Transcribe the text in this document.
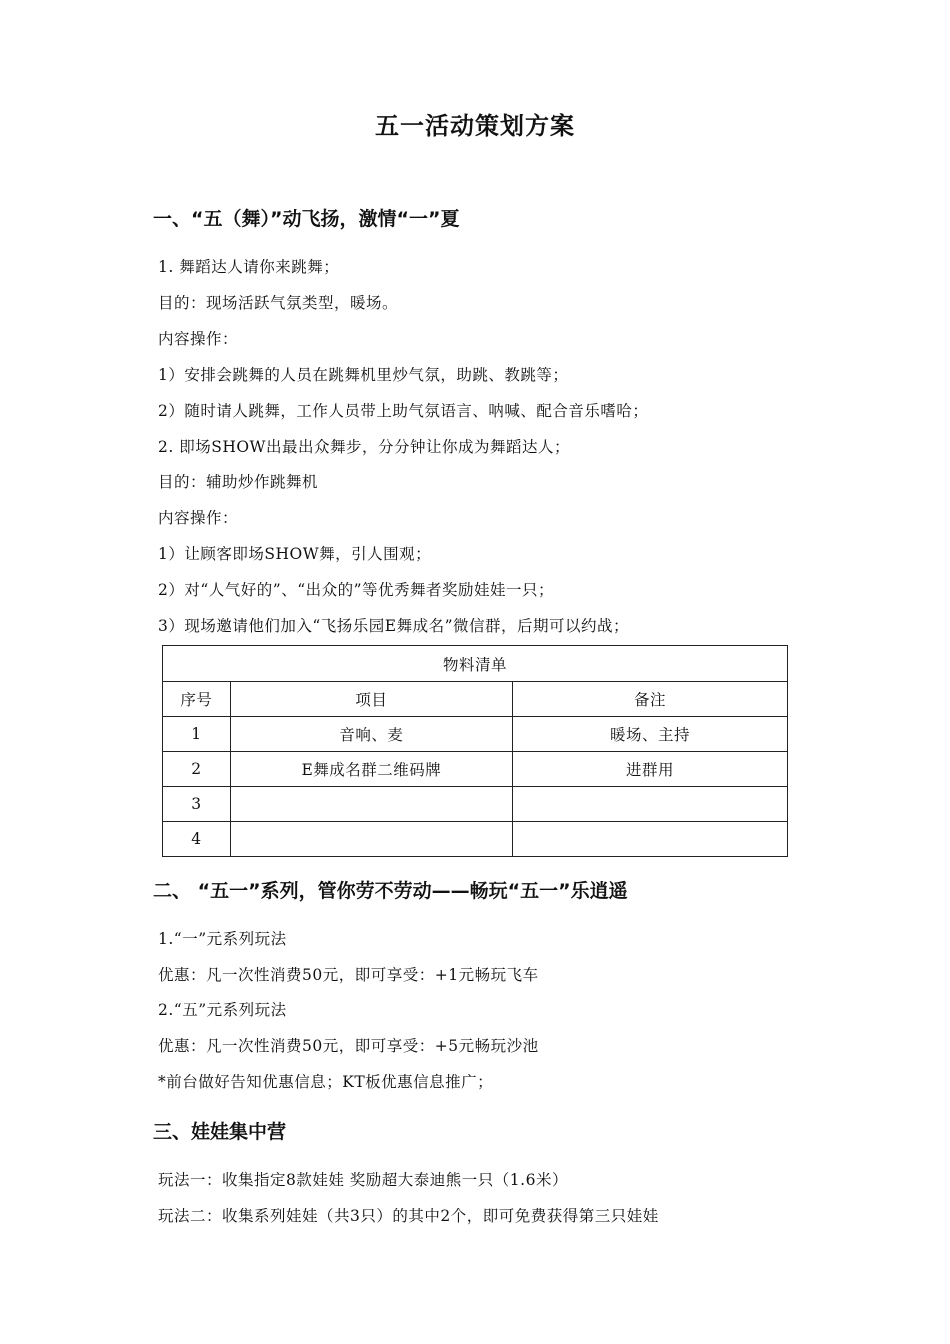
五一活动策划方案
一、“五（舞）”动飞扬，激情“一”夏
1. 舞蹈达人请你来跳舞；
目的：现场活跃气氛类型，暖场。
内容操作：
1）安排会跳舞的人员在跳舞机里炒气氛，助跳、教跳等；
2）随时请人跳舞，工作人员带上助气氛语言、呐喊、配合音乐嗜哈；
2. 即场SHOW出最出众舞步，分分钟让你成为舞蹈达人；
目的：辅助炒作跳舞机
内容操作：
1）让顾客即场SHOW舞，引人围观；
2）对“人气好的”、“出众的”等优秀舞者奖励娃娃一只；
3）现场邀请他们加入“飞扬乐园E舞成名”微信群，后期可以约战；
物料清单		
序号	项目	备注
1	音响、麦	暖场、主持
2	E舞成名群二维码牌	进群用
3		
4		
二、 “五一”系列，管你劳不劳动——畅玩“五一”乐逍遥
1.“一”元系列玩法
优惠：凡一次性消费50元，即可享受：+1元畅玩飞车
2.“五”元系列玩法
优惠：凡一次性消费50元，即可享受：+5元畅玩沙池
*前台做好告知优惠信息；KT板优惠信息推广；
三、娃娃集中营
玩法一：收集指定8款娃娃 奖励超大泰迪熊一只（1.6米）
玩法二：收集系列娃娃（共3只）的其中2个，即可免费获得第三只娃娃
